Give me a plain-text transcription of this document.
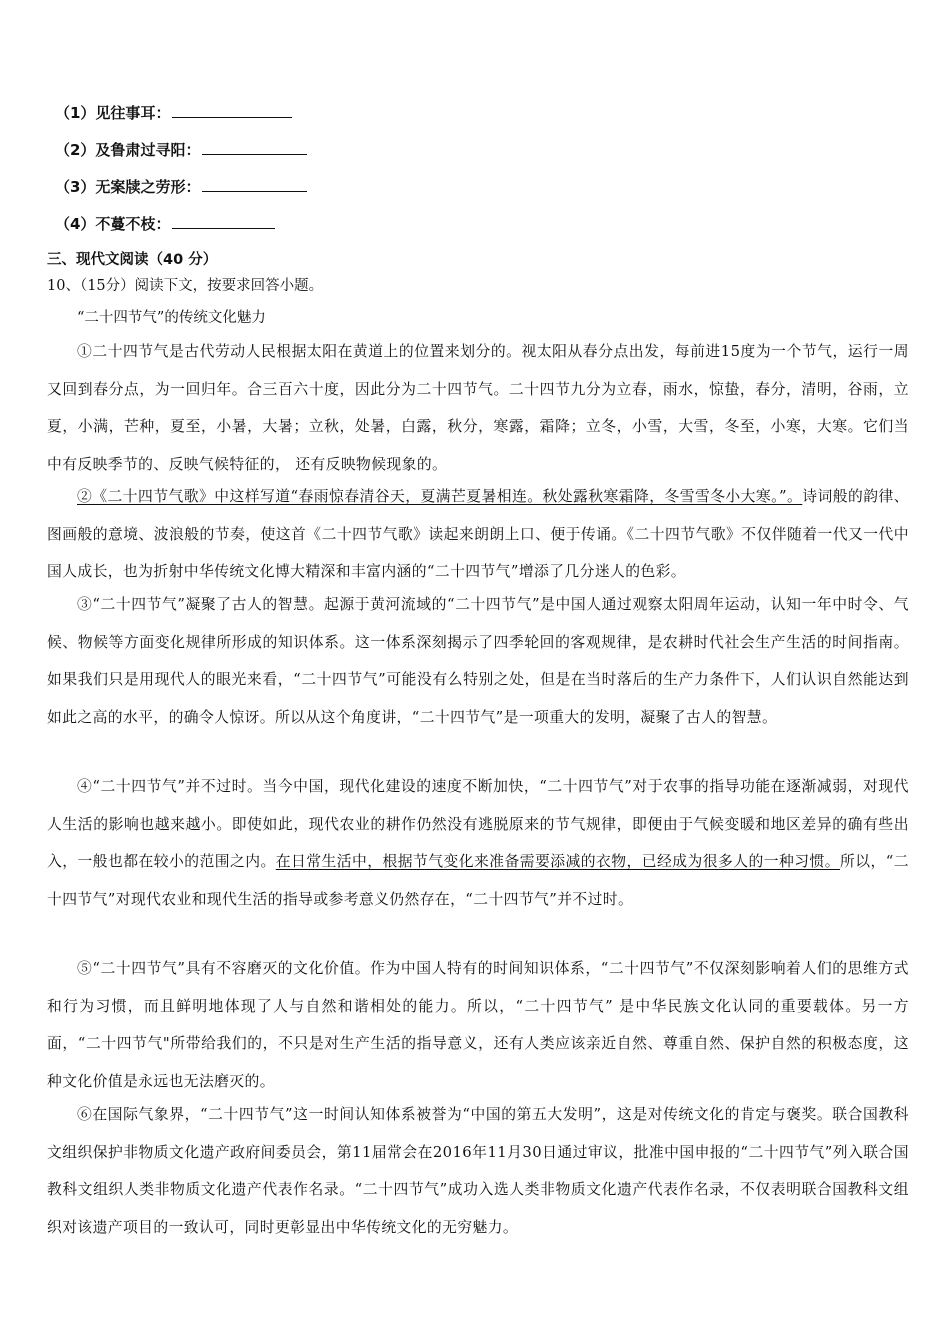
（1）见往事耳：
（2）及鲁肃过寻阳：
（3）无案牍之劳形：
（4）不蔓不枝：
三、现代文阅读（40 分）
10、（15分）阅读下文，按要求回答小题。
“二十四节气”的传统文化魅力
①二十四节气是古代劳动人民根据太阳在黄道上的位置来划分的。视太阳从春分点出发，每前进15度为一个节气，运行一周又回到春分点，为一回归年。合三百六十度，因此分为二十四节气。二十四节九分为立春，雨水，惊蛰，春分，清明，谷雨，立夏，小满，芒种，夏至，小暑，大暑；立秋，处暑，白露，秋分，寒露，霜降；立冬，小雪，大雪，冬至，小寒，大寒。它们当中有反映季节的、反映气候特征的， 还有反映物候现象的。
②《二十四节气歌》中这样写道“春雨惊春清谷天，夏满芒夏暑相连。秋处露秋寒霜降，冬雪雪冬小大寒。”。诗词般的韵律、图画般的意境、波浪般的节奏，使这首《二十四节气歌》读起来朗朗上口、便于传诵。《二十四节气歌》不仅伴随着一代又一代中国人成长，也为折射中华传统文化博大精深和丰富内涵的“二十四节气”增添了几分迷人的色彩。
③“二十四节气”凝聚了古人的智慧。起源于黄河流域的“二十四节气”是中国人通过观察太阳周年运动，认知一年中时令、气候、物候等方面变化规律所形成的知识体系。这一体系深刻揭示了四季轮回的客观规律，是农耕时代社会生产生活的时间指南。如果我们只是用现代人的眼光来看，“二十四节气”可能没有么特别之处，但是在当时落后的生产力条件下，人们认识自然能达到如此之高的水平，的确令人惊讶。所以从这个角度讲，“二十四节气”是一项重大的发明，凝聚了古人的智慧。
④“二十四节气”并不过时。当今中国，现代化建设的速度不断加快，“二十四节气”对于农事的指导功能在逐渐减弱，对现代人生活的影响也越来越小。即使如此，现代农业的耕作仍然没有逃脱原来的节气规律，即便由于气候变暖和地区差异的确有些出入，一般也都在较小的范围之内。在日常生活中，根据节气变化来准备需要添减的衣物，已经成为很多人的一种习惯。所以，“二十四节气”对现代农业和现代生活的指导或参考意义仍然存在，“二十四节气”并不过时。
⑤“二十四节气”具有不容磨灭的文化价值。作为中国人特有的时间知识体系，“二十四节气”不仅深刻影响着人们的思维方式和行为习惯，而且鲜明地体现了人与自然和谐相处的能力。所以，“二十四节气” 是中华民族文化认同的重要载体。另一方面，“二十四节气"所带给我们的，不只是对生产生活的指导意义，还有人类应该亲近自然、尊重自然、保护自然的积极态度，这种文化价值是永远也无法磨灭的。
⑥在国际气象界，“二十四节气”这一时间认知体系被誉为“中国的第五大发明”，这是对传统文化的肯定与褒奖。联合国教科文组织保护非物质文化遗产政府间委员会，第11届常会在2016年11月30日通过审议，批准中国申报的“二十四节气”列入联合国教科文组织人类非物质文化遗产代表作名录。“二十四节气”成功入选人类非物质文化遗产代表作名录，不仅表明联合国教科文组织对该遗产项目的一致认可，同时更彰显出中华传统文化的无穷魅力。
